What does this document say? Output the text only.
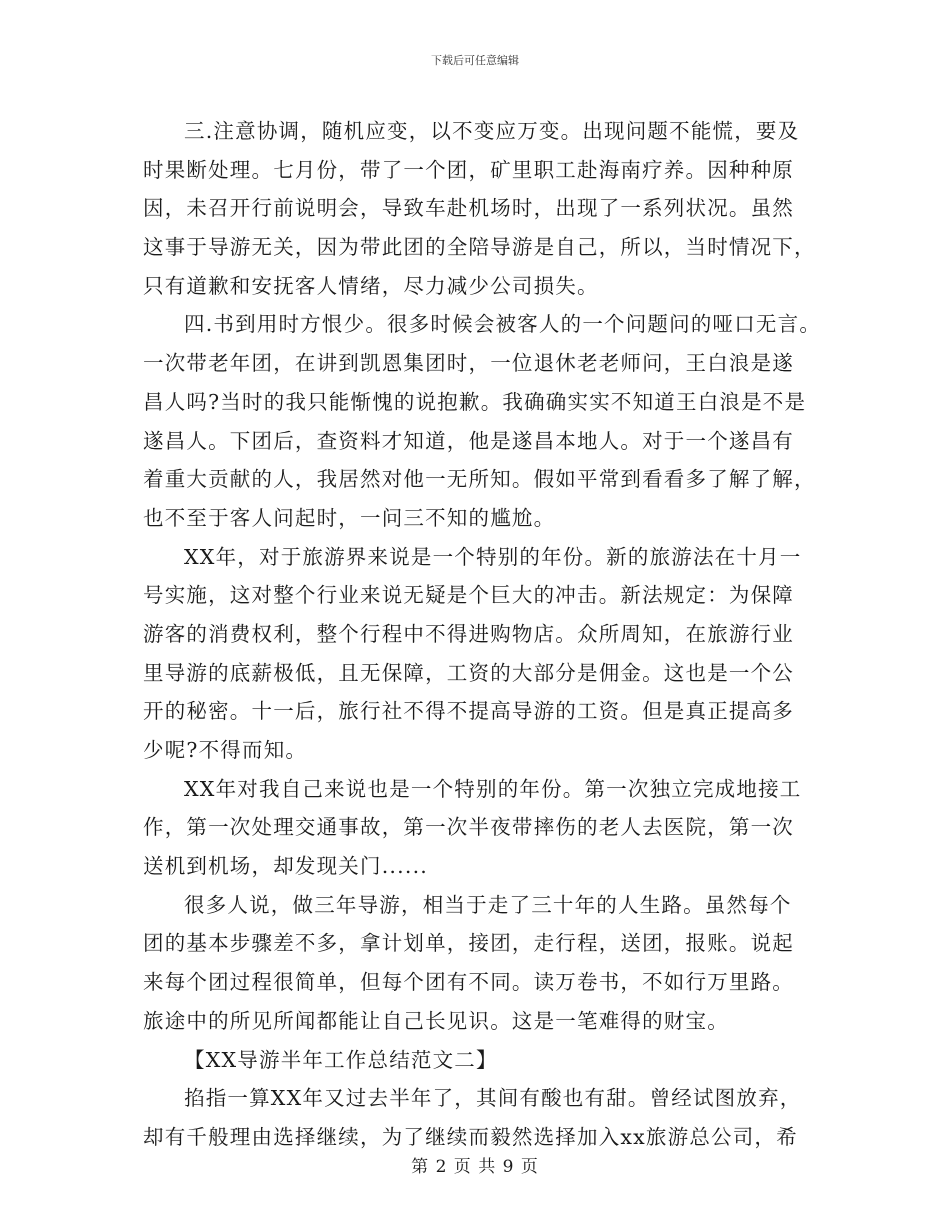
下载后可任意编辑
三.注意协调，随机应变，以不变应万变。出现问题不能慌，要及
时果断处理。七月份，带了一个团，矿里职工赴海南疗养。因种种原
因，未召开行前说明会，导致车赴机场时，出现了一系列状况。虽然
这事于导游无关，因为带此团的全陪导游是自己，所以，当时情况下，
只有道歉和安抚客人情绪，尽力减少公司损失。
四.书到用时方恨少。很多时候会被客人的一个问题问的哑口无言。
一次带老年团，在讲到凯恩集团时，一位退休老老师问，王白浪是遂
昌人吗?当时的我只能惭愧的说抱歉。我确确实实不知道王白浪是不是
遂昌人。下团后，查资料才知道，他是遂昌本地人。对于一个遂昌有
着重大贡献的人，我居然对他一无所知。假如平常到看看多了解了解，
也不至于客人问起时，一问三不知的尴尬。
XX年，对于旅游界来说是一个特别的年份。新的旅游法在十月一
号实施，这对整个行业来说无疑是个巨大的冲击。新法规定：为保障
游客的消费权利，整个行程中不得进购物店。众所周知，在旅游行业
里导游的底薪极低，且无保障，工资的大部分是佣金。这也是一个公
开的秘密。十一后，旅行社不得不提高导游的工资。但是真正提高多
少呢?不得而知。
XX年对我自己来说也是一个特别的年份。第一次独立完成地接工
作，第一次处理交通事故，第一次半夜带摔伤的老人去医院，第一次
送机到机场，却发现关门......
很多人说，做三年导游，相当于走了三十年的人生路。虽然每个
团的基本步骤差不多，拿计划单，接团，走行程，送团，报账。说起
来每个团过程很简单，但每个团有不同。读万卷书，不如行万里路。
旅途中的所见所闻都能让自己长见识。这是一笔难得的财宝。
【XX导游半年工作总结范文二】
掐指一算XX年又过去半年了，其间有酸也有甜。曾经试图放弃，
却有千般理由选择继续，为了继续而毅然选择加入xx旅游总公司，希
第 2 页 共 9 页
